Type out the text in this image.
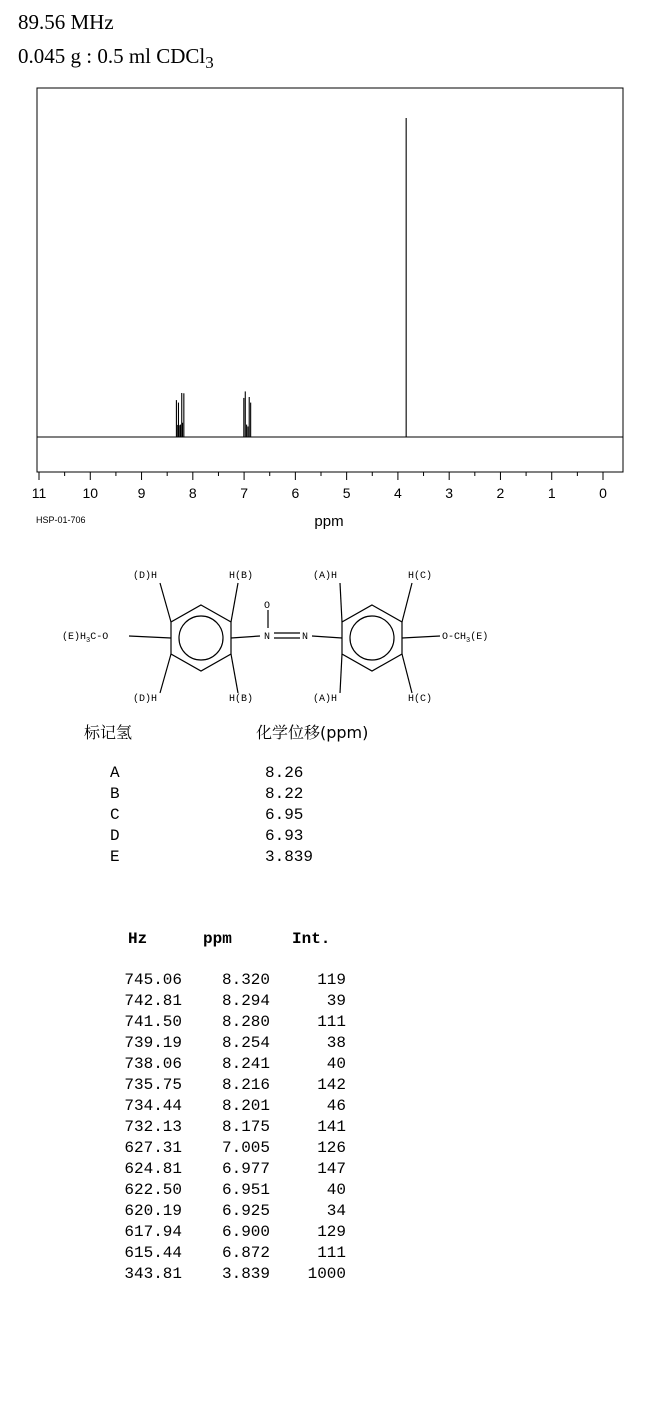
89.56 MHz
0.045 g : 0.5 ml CDCl$_3$
11	10	9	8	7	6	5	4	3	2	1	0
ppm
HSP-01-706
(D)H	H(B)	(A)H	H(C)
(D)H	H(B)	(A)H	H(C)
O
N	N
$(E)H_3C-O$	$O-CH_3(E)$
标记氢	化学位移(ppm)
A	8.26
B	8.22
C	6.95
D	6.93
E	3.839
Hz	ppm	Int.
745.06	8.320	119
742.81	8.294	39
741.50	8.280	111
739.19	8.254	38
738.06	8.241	40
735.75	8.216	142
734.44	8.201	46
732.13	8.175	141
627.31	7.005	126
624.81	6.977	147
622.50	6.951	40
620.19	6.925	34
617.94	6.900	129
615.44	6.872	111
343.81	3.839	1000
